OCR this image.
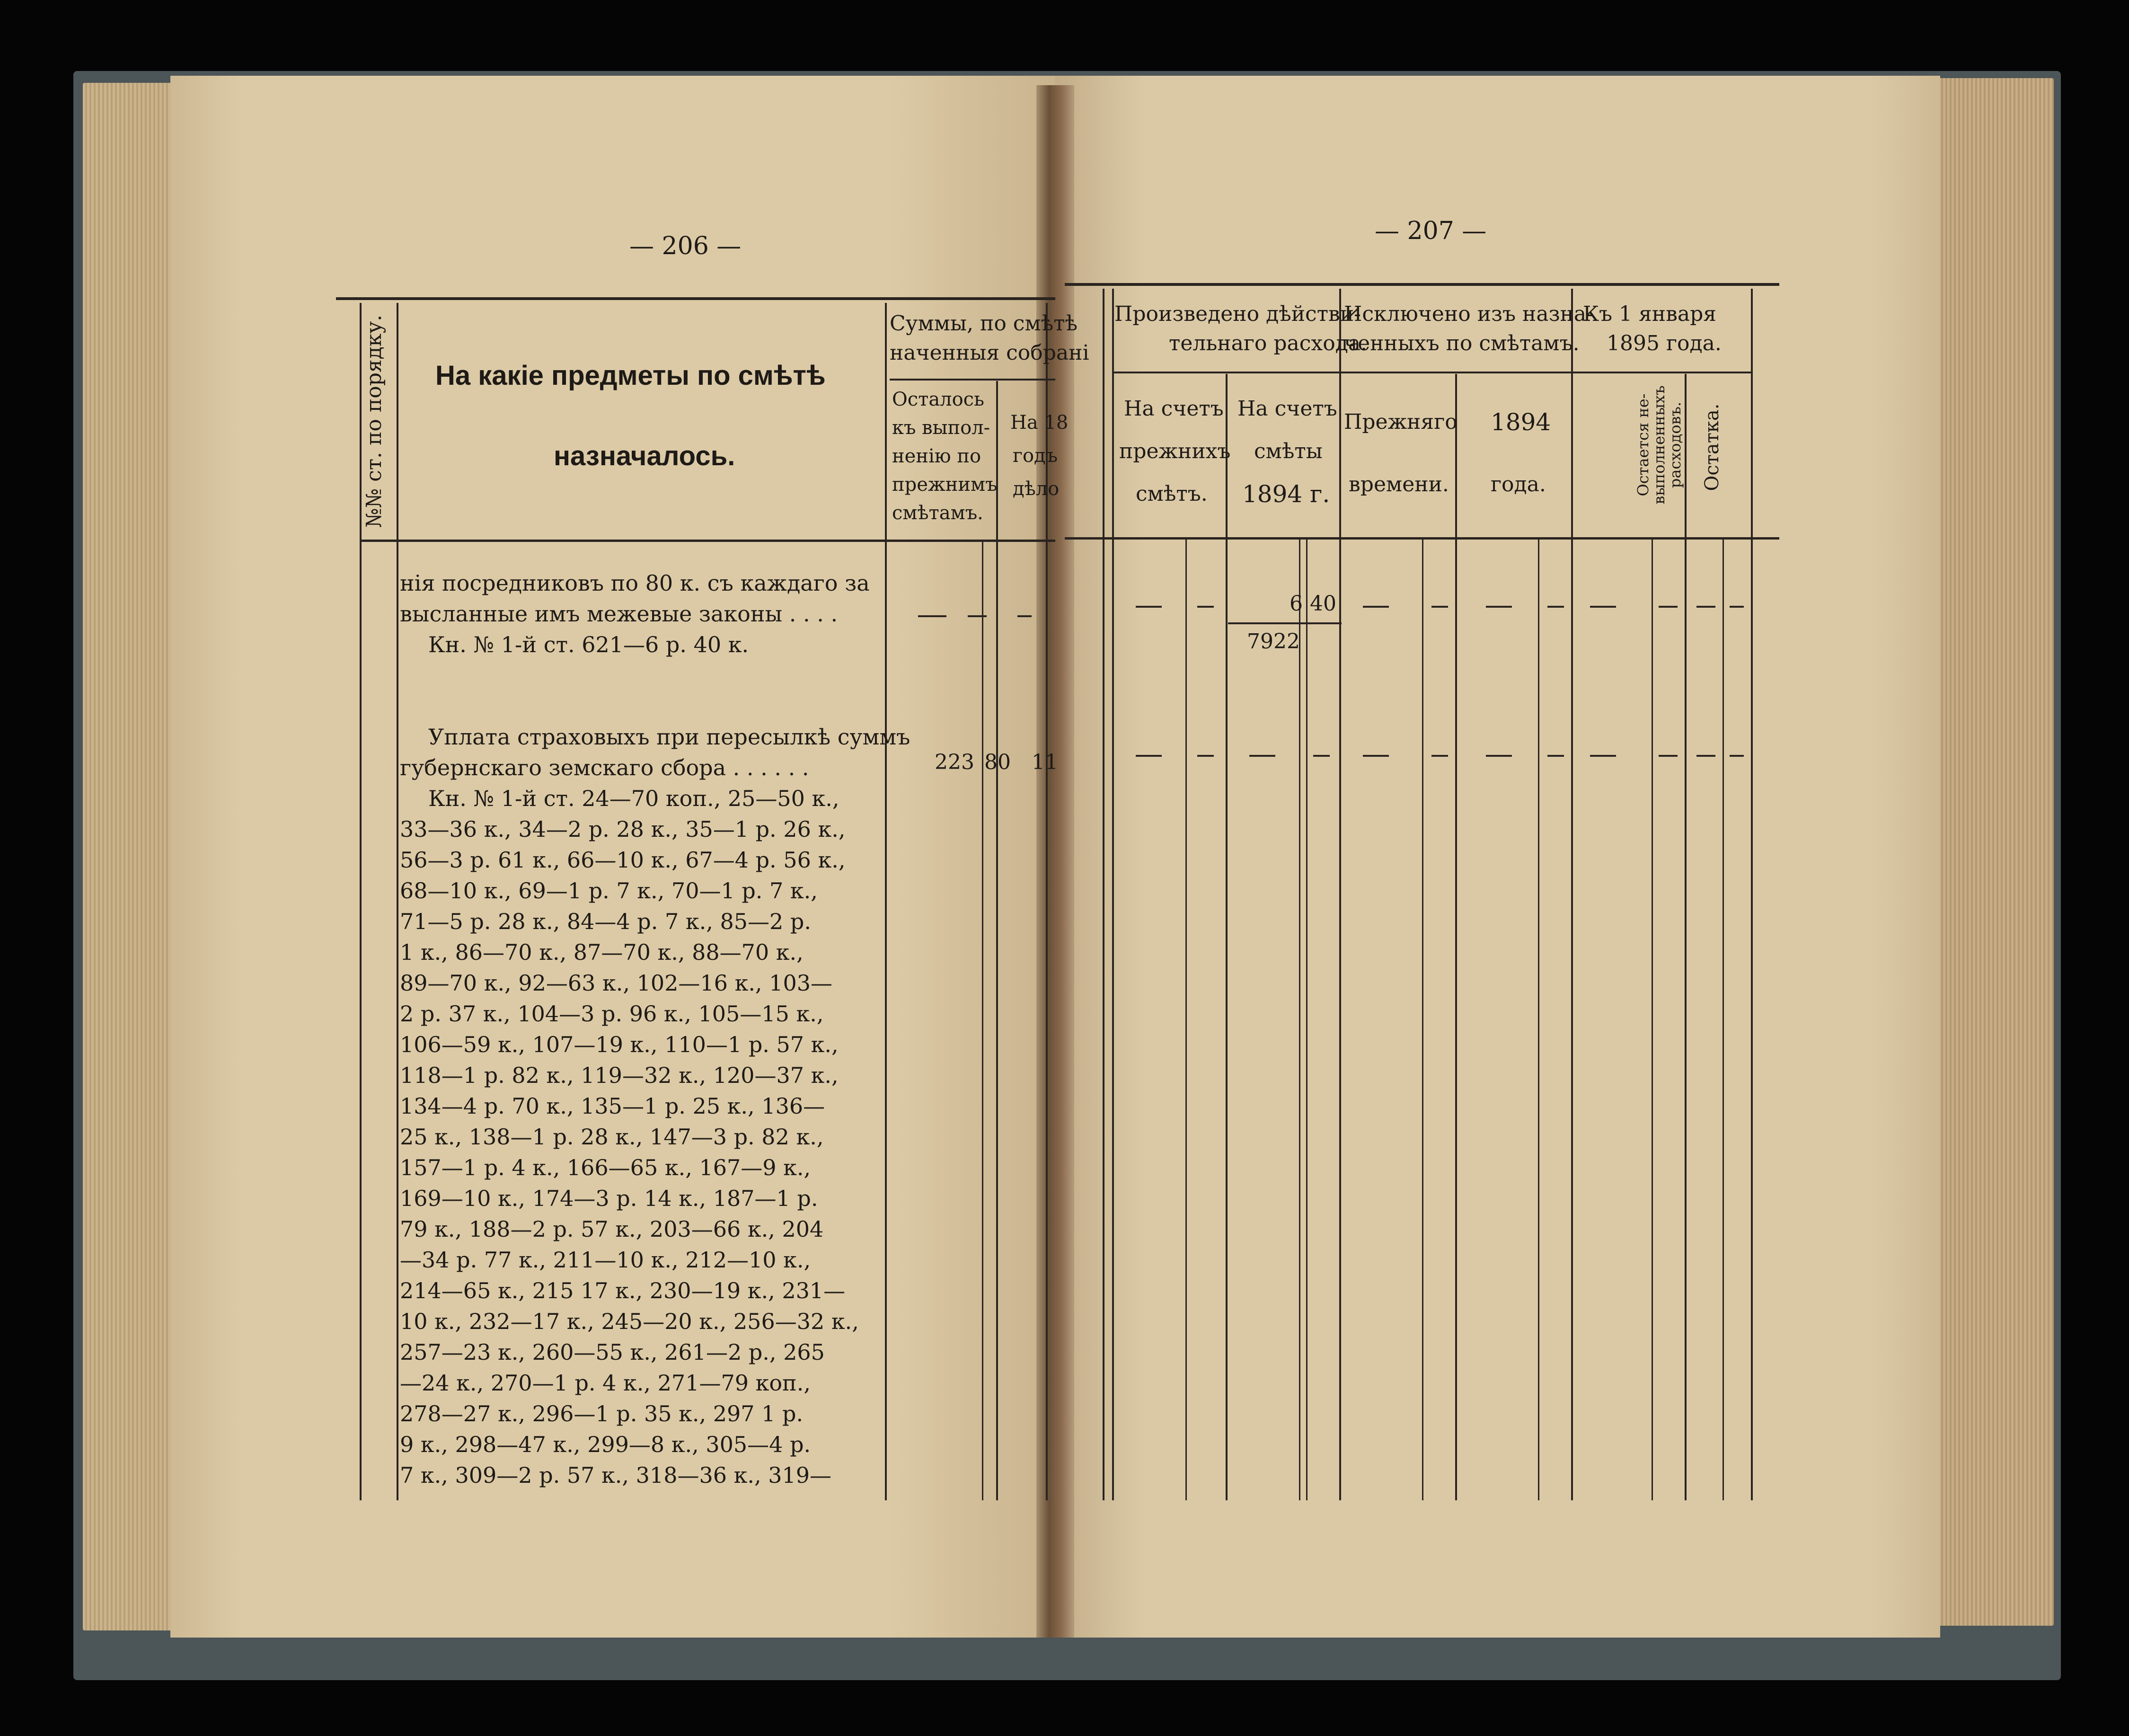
— 206 —
№№ ст. по порядку. На какіе предметы по смѣтѣ
назначалось.
Суммы, по смѣтѣ
наченныя собрані
Осталось
къ выпол-
ненію по
прежнимъ
смѣтамъ.
На 18
годъ
дѣло
нія посредниковъ по 80 к. съ каждаго за
высланные имъ межевые законы . . . .
Кн. № 1-й ст. 621—6 р. 40 к.
Уплата страховыхъ при пересылкѣ суммъ
губернскаго земскаго сбора . . . . . .
Кн. № 1-й ст. 24—70 коп., 25—50 к.,
33—36 к., 34—2 р. 28 к., 35—1 р. 26 к.,
56—3 р. 61 к., 66—10 к., 67—4 р. 56 к.,
68—10 к., 69—1 р. 7 к., 70—1 р. 7 к.,
71—5 р. 28 к., 84—4 р. 7 к., 85—2 р.
1 к., 86—70 к., 87—70 к., 88—70 к.,
89—70 к., 92—63 к., 102—16 к., 103—
2 р. 37 к., 104—3 р. 96 к., 105—15 к.,
106—59 к., 107—19 к., 110—1 р. 57 к.,
118—1 р. 82 к., 119—32 к., 120—37 к.,
134—4 р. 70 к., 135—1 р. 25 к., 136—
25 к., 138—1 р. 28 к., 147—3 р. 82 к.,
157—1 р. 4 к., 166—65 к., 167—9 к.,
169—10 к., 174—3 р. 14 к., 187—1 р.
79 к., 188—2 р. 57 к., 203—66 к., 204
—34 р. 77 к., 211—10 к., 212—10 к.,
214—65 к., 215 17 к., 230—19 к., 231—
10 к., 232—17 к., 245—20 к., 256—32 к.,
257—23 к., 260—55 к., 261—2 р., 265
—24 к., 270—1 р. 4 к., 271—79 коп.,
278—27 к., 296—1 р. 35 к., 297 1 р.
9 к., 298—47 к., 299—8 к., 305—4 р.
7 к., 309—2 р. 57 к., 318—36 к., 319—
223 80 11
— 207 —
Произведено дѣйстви-
тельнаго расхода.
Исключено изъ назна-
ченныхъ по смѣтамъ.
Къ 1 января
1895 года.
На счетъ
прежнихъ
смѣтъ.
На счетъ
смѣты
1894 г.
Прежняго
времени.
1894
года.	Остается не-
выполненныхъ
расходовъ. Остатка.
6 40
7922
